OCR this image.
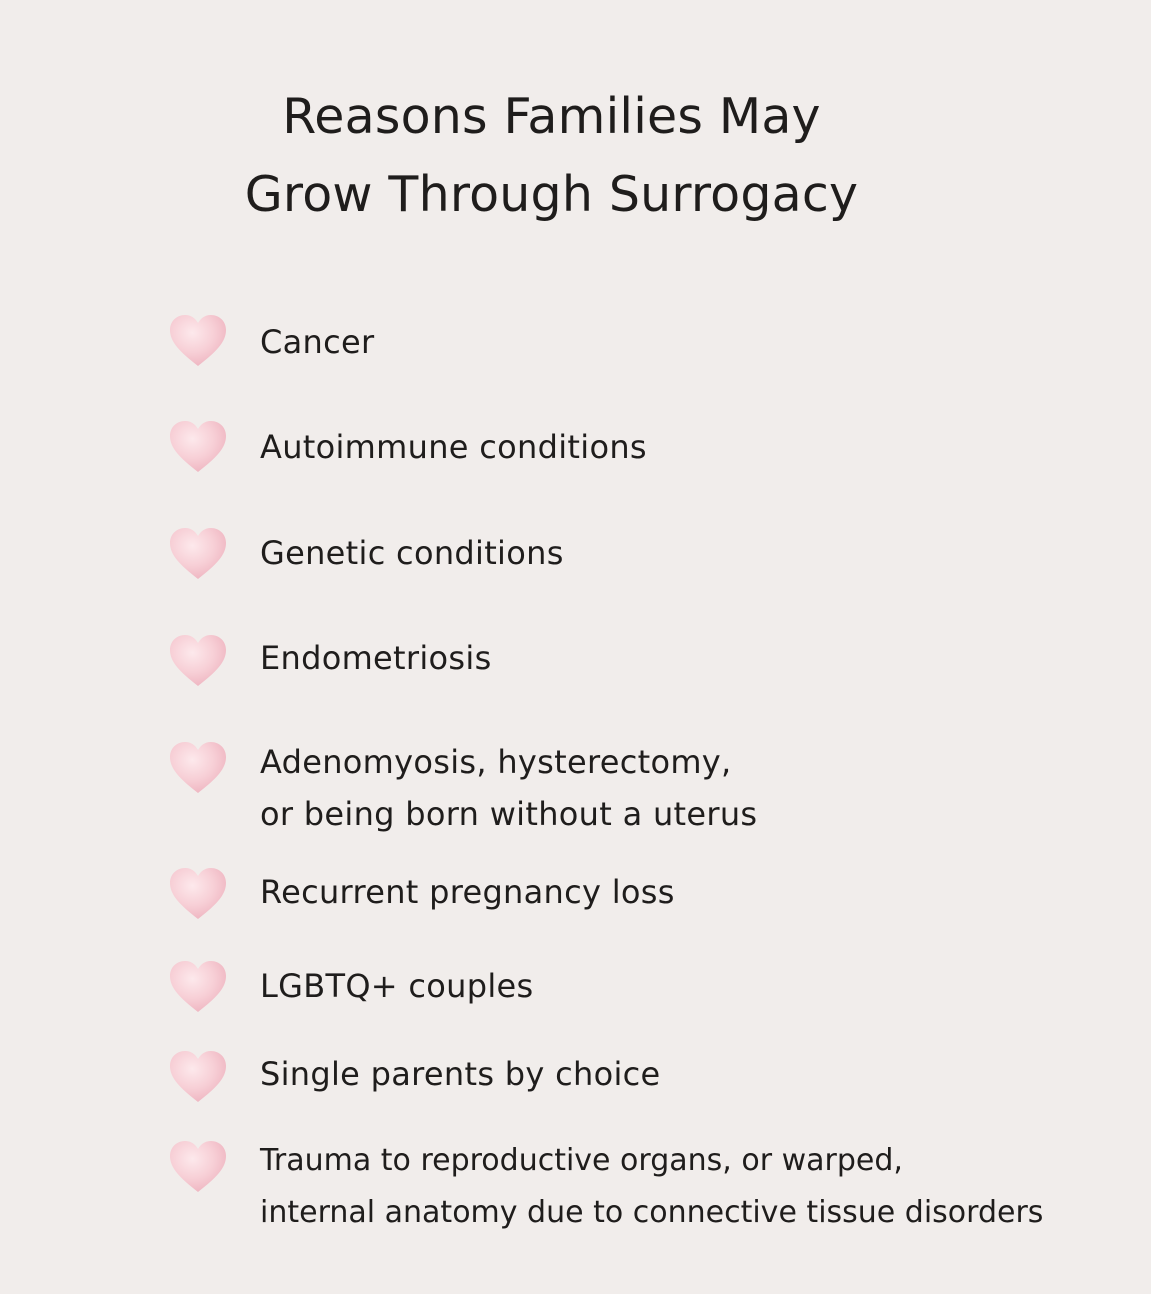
Reasons Families May
Grow Through Surrogacy
Cancer
Autoimmune conditions
Genetic conditions
Endometriosis
Adenomyosis, hysterectomy,
or being born without a uterus
Recurrent pregnancy loss
LGBTQ+ couples
Single parents by choice
Trauma to reproductive organs, or warped,
internal anatomy due to connective tissue disorders
